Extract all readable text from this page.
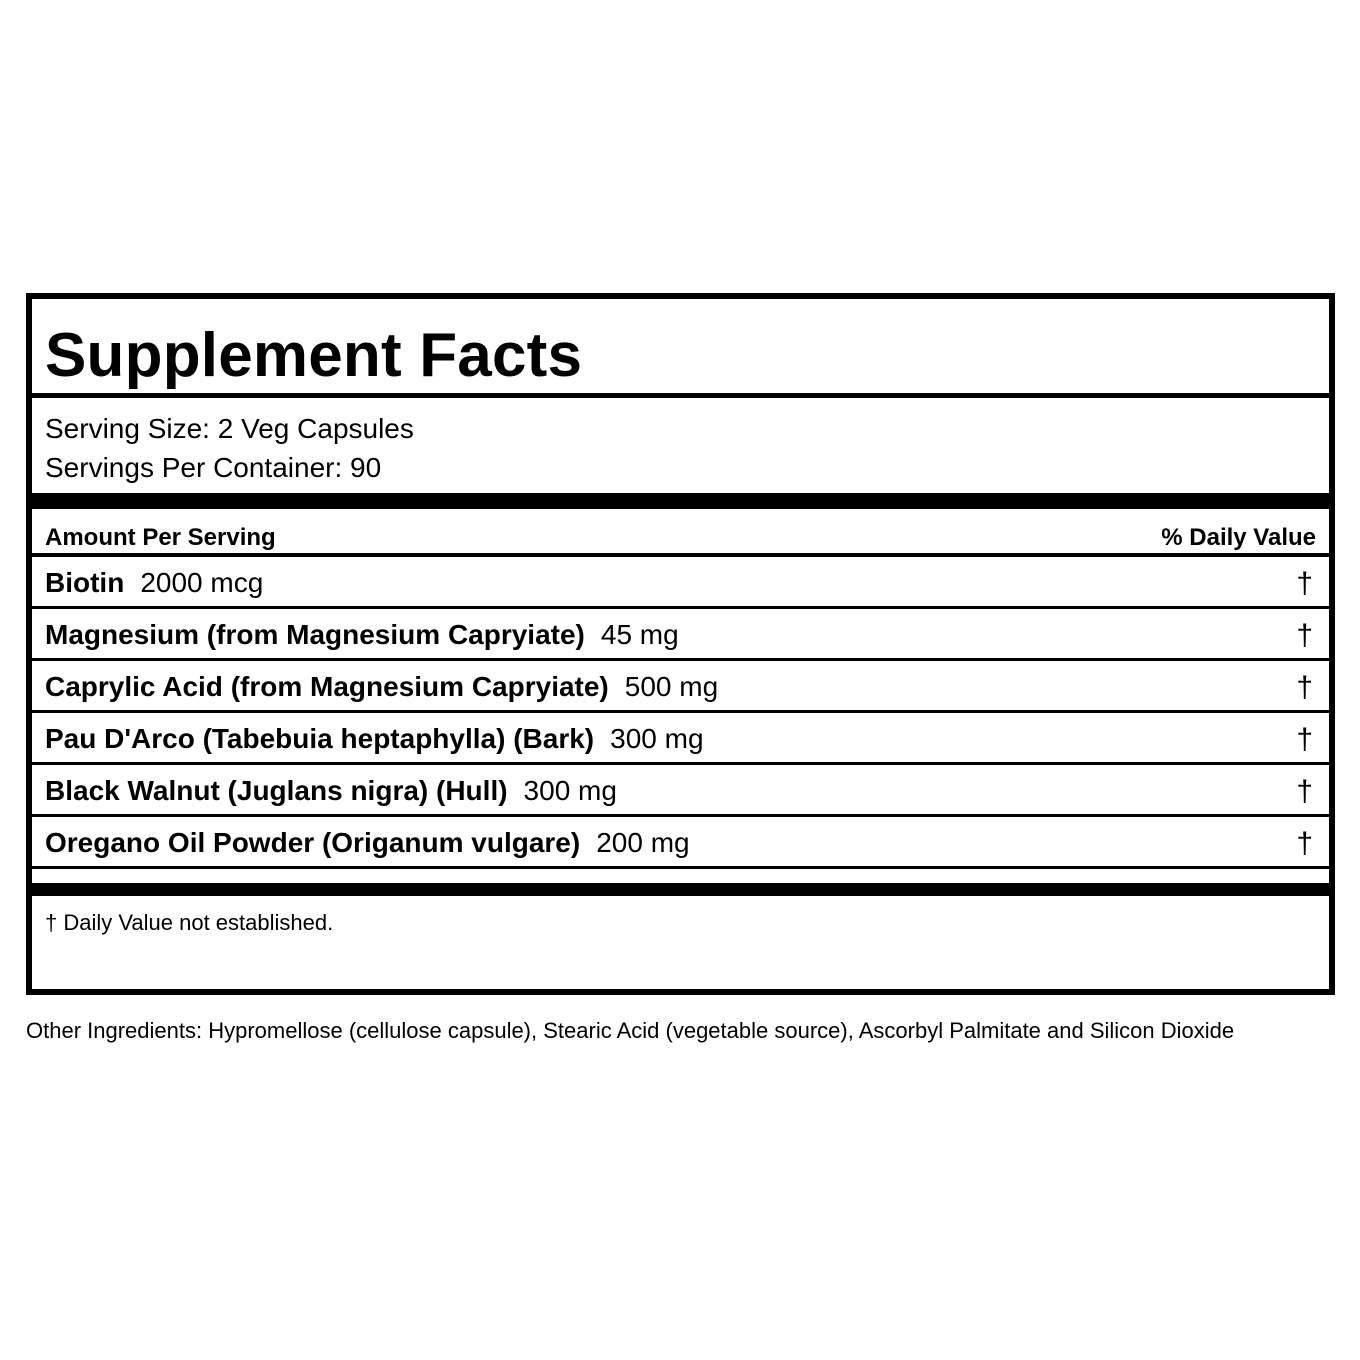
Supplement Facts
Serving Size: 2 Veg Capsules
Servings Per Container: 90
Amount Per Serving	% Daily Value
Biotin 2000 mcg	†
Magnesium (from Magnesium Capryiate) 45 mg	†
Caprylic Acid (from Magnesium Capryiate) 500 mg	†
Pau D'Arco (Tabebuia heptaphylla) (Bark) 300 mg	†
Black Walnut (Juglans nigra) (Hull) 300 mg	†
Oregano Oil Powder (Origanum vulgare) 200 mg	†
† Daily Value not established.

Other Ingredients: Hypromellose (cellulose capsule), Stearic Acid (vegetable source), Ascorbyl Palmitate and Silicon Dioxide
